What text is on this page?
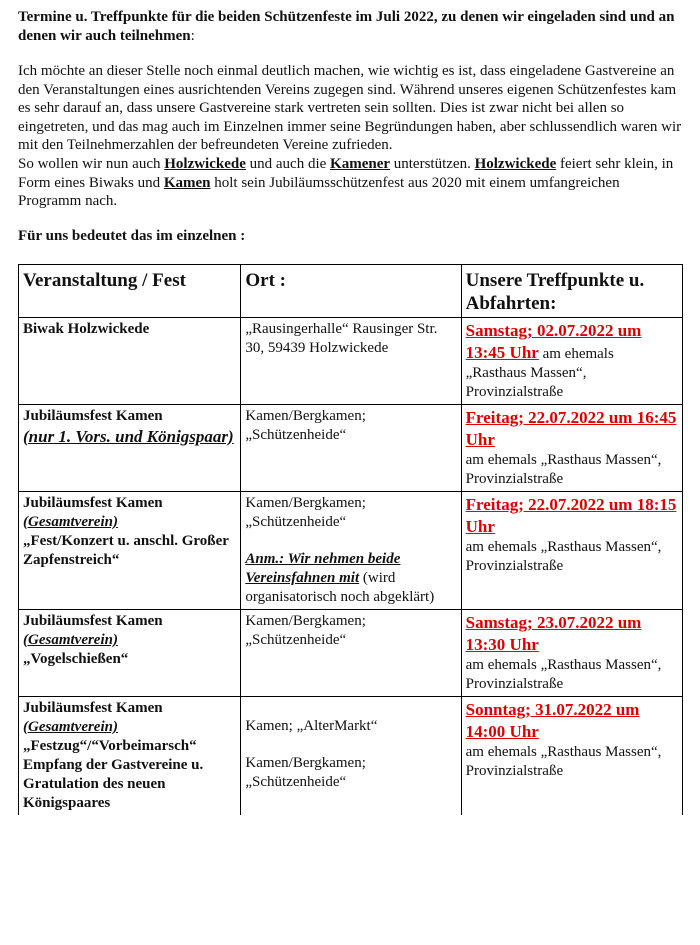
Termine u. Treffpunkte für die beiden Schützenfeste im Juli 2022, zu denen wir eingeladen sind und an denen wir auch teilnehmen:

Ich möchte an dieser Stelle noch einmal deutlich machen, wie wichtig es ist, dass eingeladene Gastvereine an den Veranstaltungen eines ausrichtenden Vereins zugegen sind. Während unseres eigenen Schützenfestes kam es sehr darauf an, dass unsere Gastvereine stark vertreten sein sollten. Dies ist zwar nicht bei allen so eingetreten, und das mag auch im Einzelnen immer seine Begründungen haben, aber schlussendlich waren wir mit den Teilnehmerzahlen der befreundeten Vereine zufrieden.

So wollen wir nun auch Holzwickede und auch die Kamener unterstützen. Holzwickede feiert sehr klein, in Form eines Biwaks und Kamen holt sein Jubiläumsschützenfest aus 2020 mit einem umfangreichen Programm nach.

Für uns bedeutet das im einzelnen :

Veranstaltung / Fest	Ort :	Unsere Treffpunkte u. Abfahrten:

Biwak Holzwickede	„Rausingerhalle“ Rausinger Str. 30, 59439 Holzwickede	Samstag; 02.07.2022 um 13:45 Uhr am ehemals „Rasthaus Massen“, Provinzialstraße

Jubiläumsfest Kamen
(nur 1. Vors. und Königspaar)	Kamen/Bergkamen; „Schützenheide“	Freitag; 22.07.2022 um 16:45 Uhr
am ehemals „Rasthaus Massen“, Provinzialstraße

Jubiläumsfest Kamen
(Gesamtverein)
„Fest/Konzert u. anschl. Großer Zapfenstreich“	Kamen/Bergkamen; „Schützenheide“
Anm.: Wir nehmen beide Vereinsfahnen mit (wird organisatorisch noch abgeklärt)	Freitag; 22.07.2022 um 18:15 Uhr
am ehemals „Rasthaus Massen“, Provinzialstraße

Jubiläumsfest Kamen
(Gesamtverein)
„Vogelschießen“	Kamen/Bergkamen; „Schützenheide“	Samstag; 23.07.2022 um 13:30 Uhr
am ehemals „Rasthaus Massen“, Provinzialstraße

Jubiläumsfest Kamen
(Gesamtverein)
„Festzug“/“Vorbeimarsch“ Empfang der Gastvereine u. Gratulation des neuen Königspaares	Kamen; „AlterMarkt“
Kamen/Bergkamen; „Schützenheide“	Sonntag; 31.07.2022 um 14:00 Uhr
am ehemals „Rasthaus Massen“, Provinzialstraße
